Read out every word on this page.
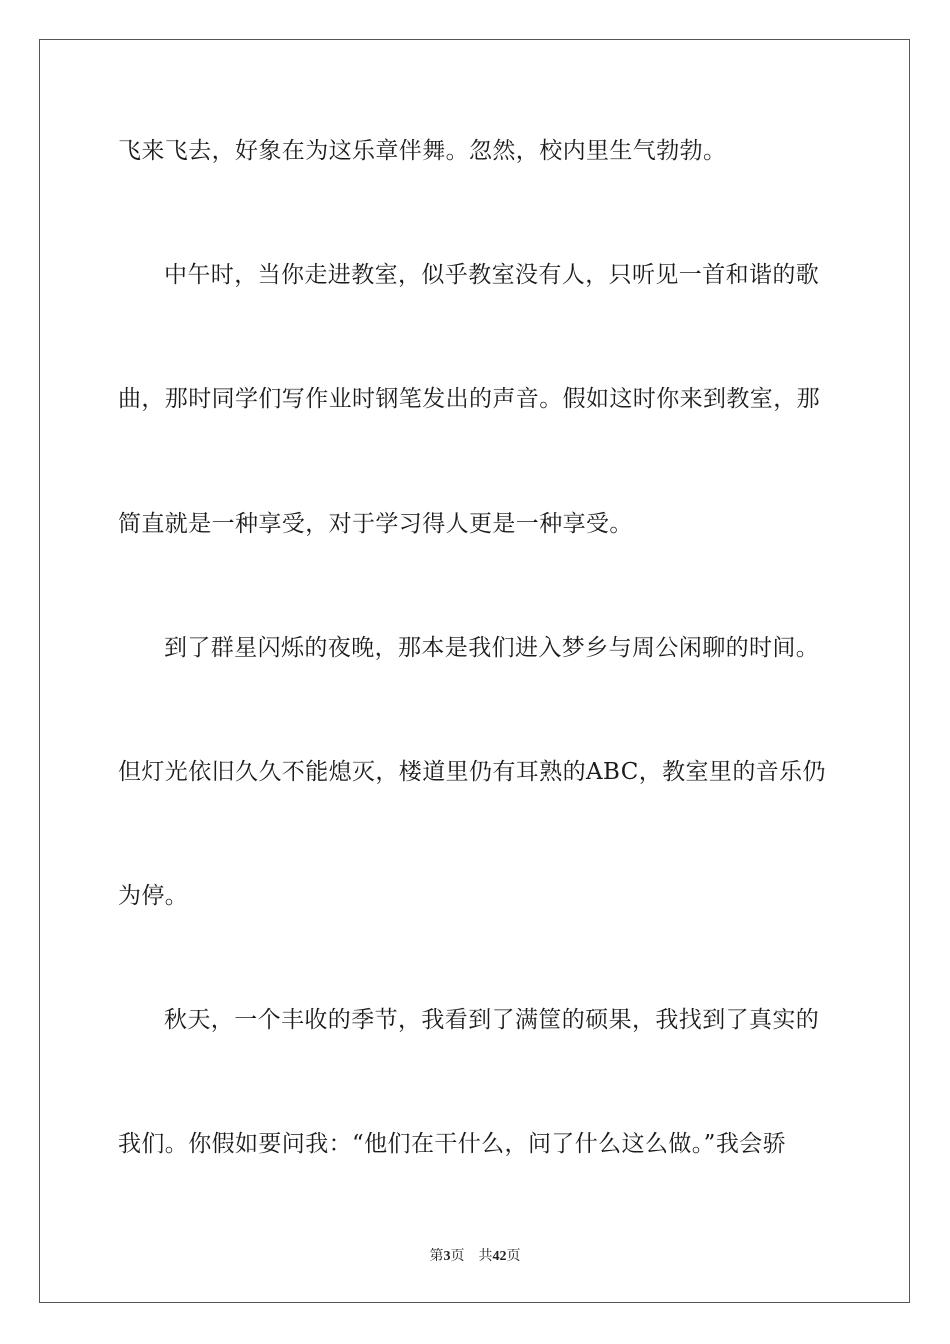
飞来飞去，好象在为这乐章伴舞。忽然，校内里生气勃勃。
中午时，当你走进教室，似乎教室没有人，只听见一首和谐的歌
曲，那时同学们写作业时钢笔发出的声音。假如这时你来到教室，那
简直就是一种享受，对于学习得人更是一种享受。
到了群星闪烁的夜晚，那本是我们进入梦乡与周公闲聊的时间。
但灯光依旧久久不能熄灭，楼道里仍有耳熟的ABC，教室里的音乐仍
为停。
秋天，一个丰收的季节，我看到了满筐的硕果，我找到了真实的
我们。你假如要问我：“他们在干什么，问了什么这么做。”我会骄
第3页 共42页
